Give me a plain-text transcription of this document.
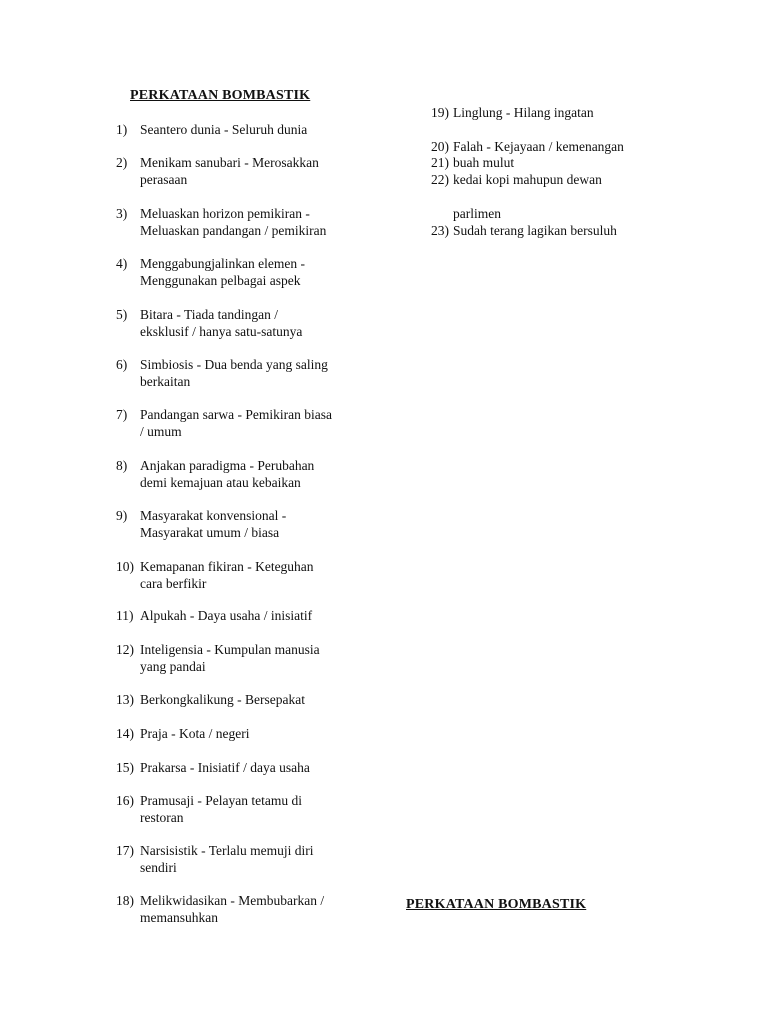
PERKATAAN BOMBASTIK
1) Seantero dunia - Seluruh dunia
2) Menikam sanubari - Merosakkan
perasaan
3) Meluaskan horizon pemikiran -
Meluaskan pandangan / pemikiran
4) Menggabungjalinkan elemen -
Menggunakan pelbagai aspek
5) Bitara - Tiada tandingan /
eksklusif / hanya satu-satunya
6) Simbiosis - Dua benda yang saling
berkaitan
7) Pandangan sarwa - Pemikiran biasa
/ umum
8) Anjakan paradigma - Perubahan
demi kemajuan atau kebaikan
9) Masyarakat konvensional -
Masyarakat umum / biasa
10) Kemapanan fikiran - Keteguhan
cara berfikir
11) Alpukah - Daya usaha / inisiatif
12) Inteligensia - Kumpulan manusia
yang pandai
13) Berkongkalikung - Bersepakat
14) Praja - Kota / negeri
15) Prakarsa - Inisiatif / daya usaha
16) Pramusaji - Pelayan tetamu di
restoran
17) Narsisistik - Terlalu memuji diri
sendiri
18) Melikwidasikan - Membubarkan /
memansuhkan
19) Linglung - Hilang ingatan
20) Falah - Kejayaan / kemenangan
21) buah mulut
22) kedai kopi mahupun dewan
parlimen
23) Sudah terang lagikan bersuluh
PERKATAAN BOMBASTIK
